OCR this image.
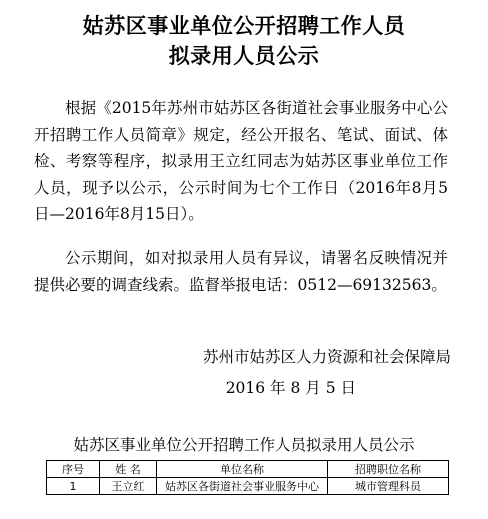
姑苏区事业单位公开招聘工作人员
拟录用人员公示
根据《2015年苏州市姑苏区各街道社会事业服务中心公开招聘工作人员简章》规定，经公开报名、笔试、面试、体检、考察等程序，拟录用王立红同志为姑苏区事业单位工作人员，现予以公示，公示时间为七个工作日（2016年8月5日—2016年8月15日）。
公示期间，如对拟录用人员有异议，请署名反映情况并提供必要的调查线索。监督举报电话：0512—69132563。
苏州市姑苏区人力资源和社会保障局
2016 年 8 月 5 日
姑苏区事业单位公开招聘工作人员拟录用人员公示
序号	姓 名	单位名称	招聘职位名称
1	王立红	姑苏区各街道社会事业服务中心	城市管理科员
